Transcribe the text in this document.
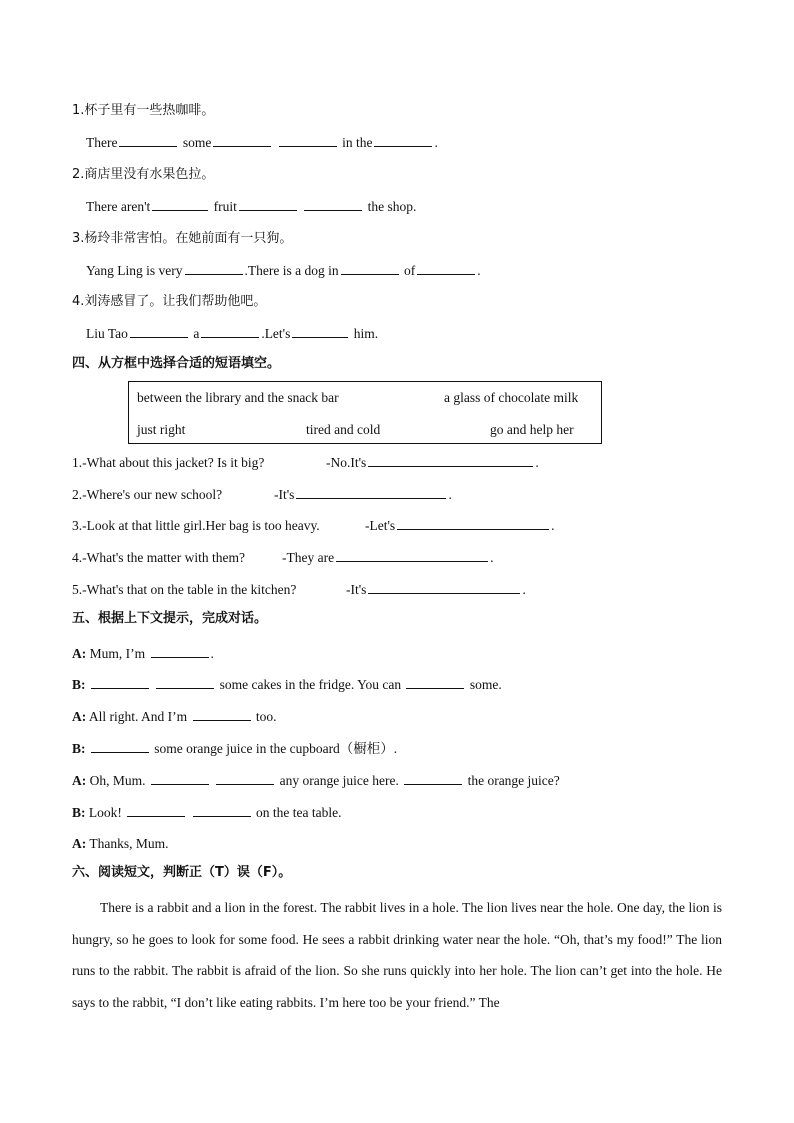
1.杯子里有一些热咖啡。
There	some	in the	.
2.商店里没有水果色拉。
There aren't	fruit	the shop.
3.杨玲非常害怕。在她前面有一只狗。
Yang Ling is very	.There is a dog in	of	.
4.刘涛感冒了。让我们帮助他吧。
Liu Tao	a	.Let's	him.
四、从方框中选择合适的短语填空。
between the library and the snack bar	a glass of chocolate milk
just right	tired and cold	go and help her
1.-What about this jacket? Is it big?	-No.It's	.
2.-Where's our new school?	-It's	.
3.-Look at that little girl.Her bag is too heavy.	-Let's	.
4.-What's the matter with them?	-They are	.
5.-What's that on the table in the kitchen?	-It's	.
五、根据上下文提示，完成对话。
A: Mum, I’m	.
B:	some cakes in the fridge. You can	some.
A: All right. And I’m	too.
B:	some orange juice in the cupboard（橱柜）.
A: Oh, Mum.	any orange juice here.	the orange juice?
B: Look!	on the tea table.
A: Thanks, Mum.
六、阅读短文，判断正（T）误（F）。

There is a rabbit and a lion in the forest. The rabbit lives in a hole. The lion lives near the hole. One day, the lion is hungry, so he goes to look for some food. He sees a rabbit drinking water near the hole. “Oh, that’s my food!” The lion runs to the rabbit. The rabbit is afraid of the lion. So she runs quickly into her hole. The lion can’t get into the hole. He says to the rabbit, “I don’t like eating rabbits. I’m here too be your friend.” The
